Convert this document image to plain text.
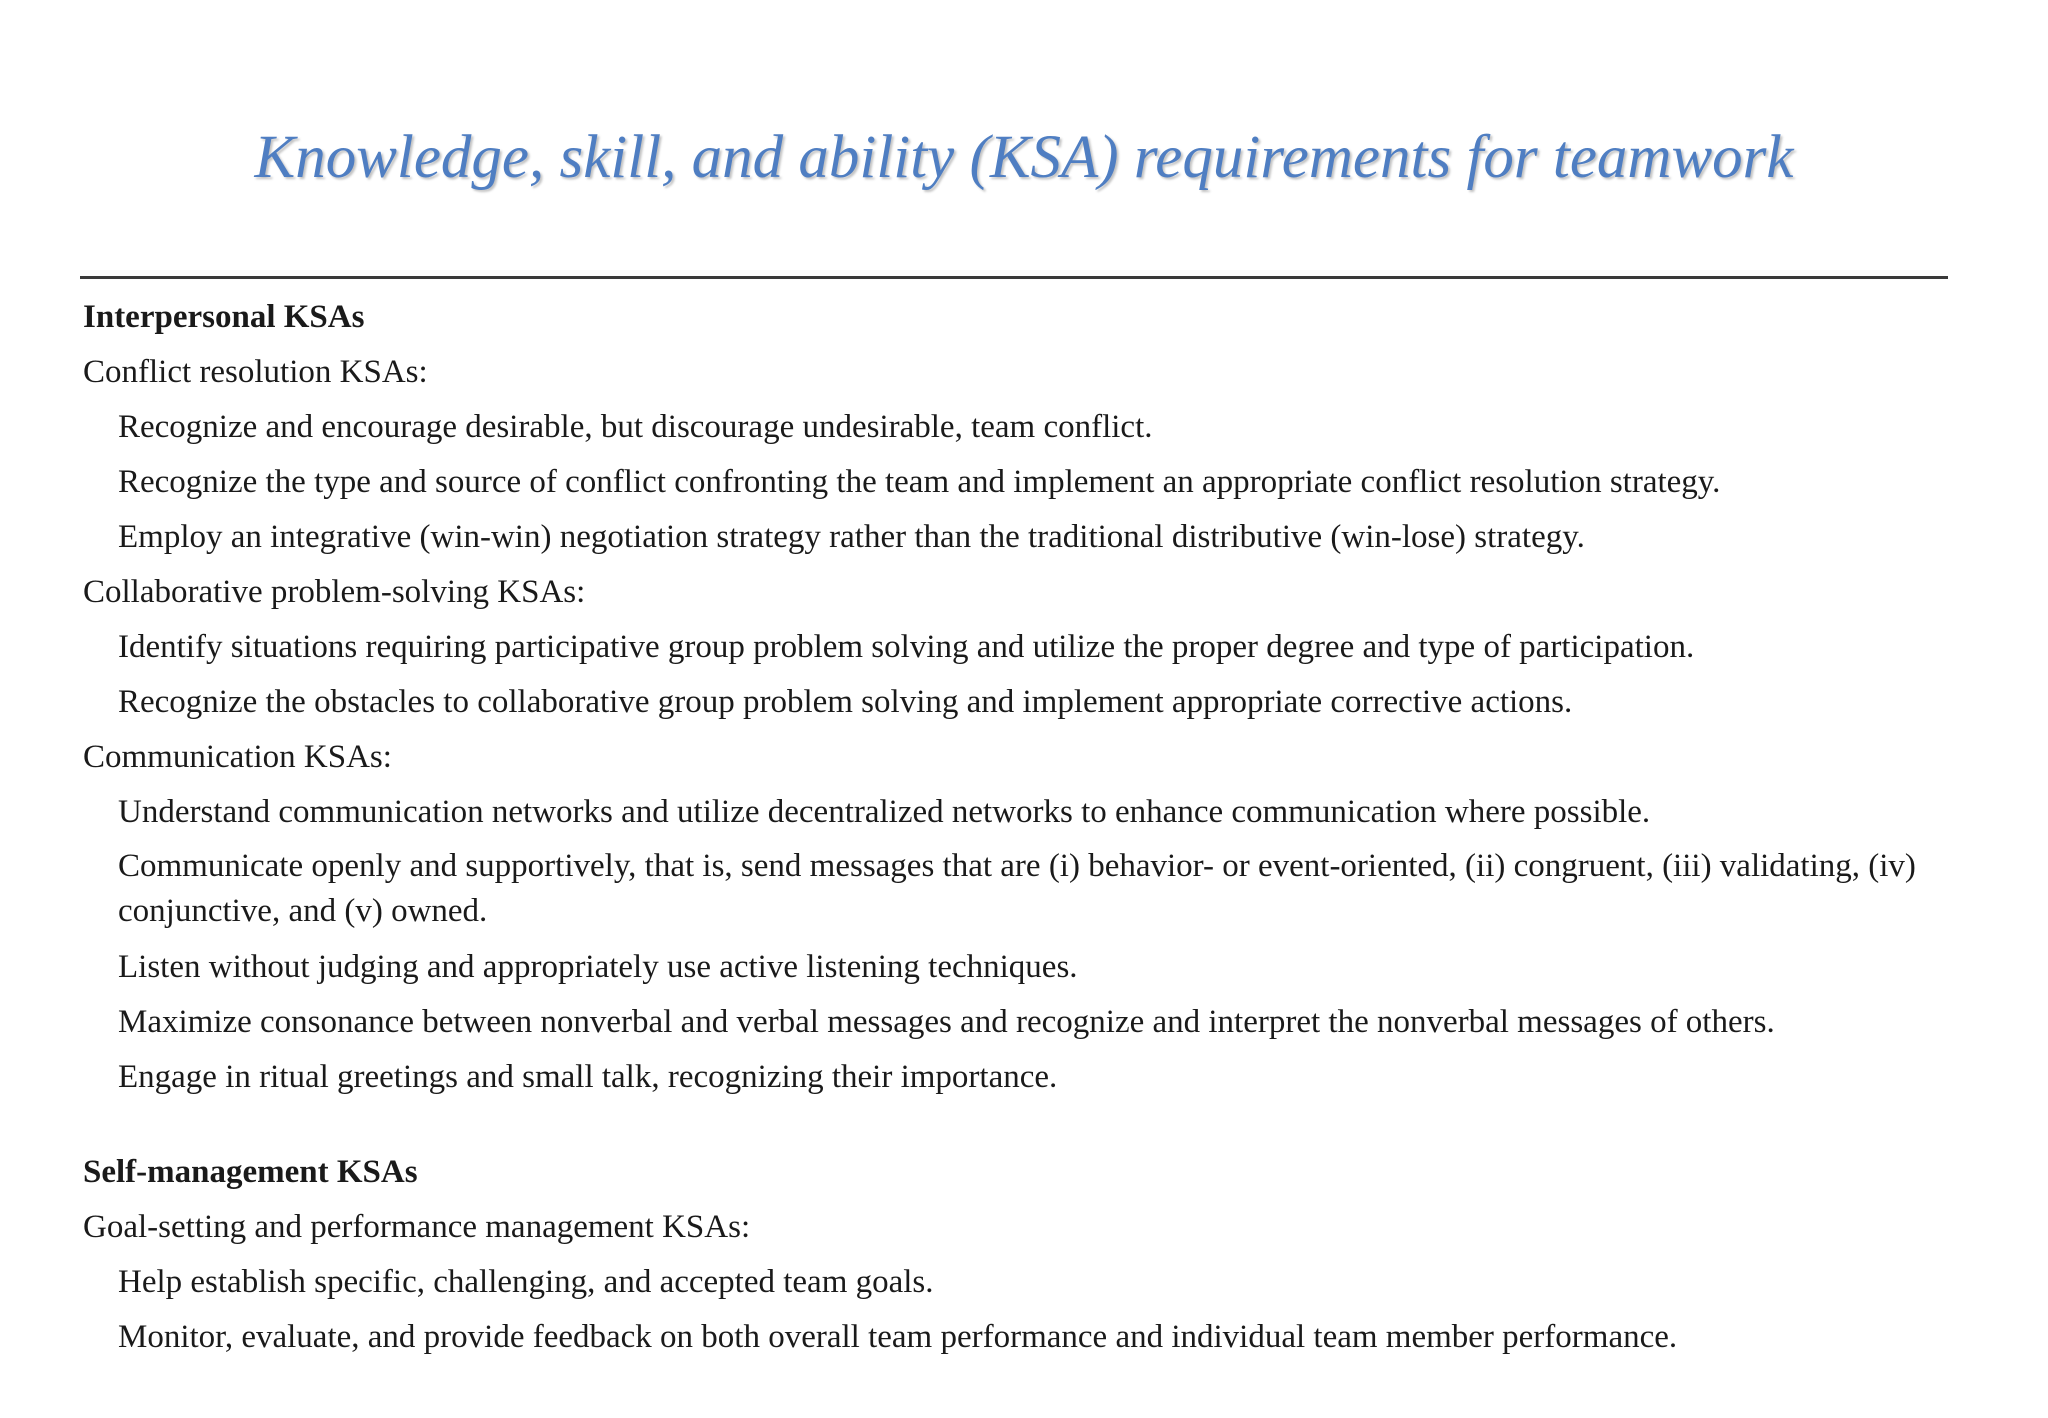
Knowledge, skill, and ability (KSA) requirements for teamwork
Interpersonal KSAs
Conflict resolution KSAs:
Recognize and encourage desirable, but discourage undesirable, team conflict.
Recognize the type and source of conflict confronting the team and implement an appropriate conflict resolution strategy.
Employ an integrative (win-win) negotiation strategy rather than the traditional distributive (win-lose) strategy.
Collaborative problem-solving KSAs:
Identify situations requiring participative group problem solving and utilize the proper degree and type of participation.
Recognize the obstacles to collaborative group problem solving and implement appropriate corrective actions.
Communication KSAs:
Understand communication networks and utilize decentralized networks to enhance communication where possible.
Communicate openly and supportively, that is, send messages that are (i) behavior- or event-oriented, (ii) congruent, (iii) validating, (iv) conjunctive, and (v) owned.
Listen without judging and appropriately use active listening techniques.
Maximize consonance between nonverbal and verbal messages and recognize and interpret the nonverbal messages of others.
Engage in ritual greetings and small talk, recognizing their importance.
Self-management KSAs
Goal-setting and performance management KSAs:
Help establish specific, challenging, and accepted team goals.
Monitor, evaluate, and provide feedback on both overall team performance and individual team member performance.
